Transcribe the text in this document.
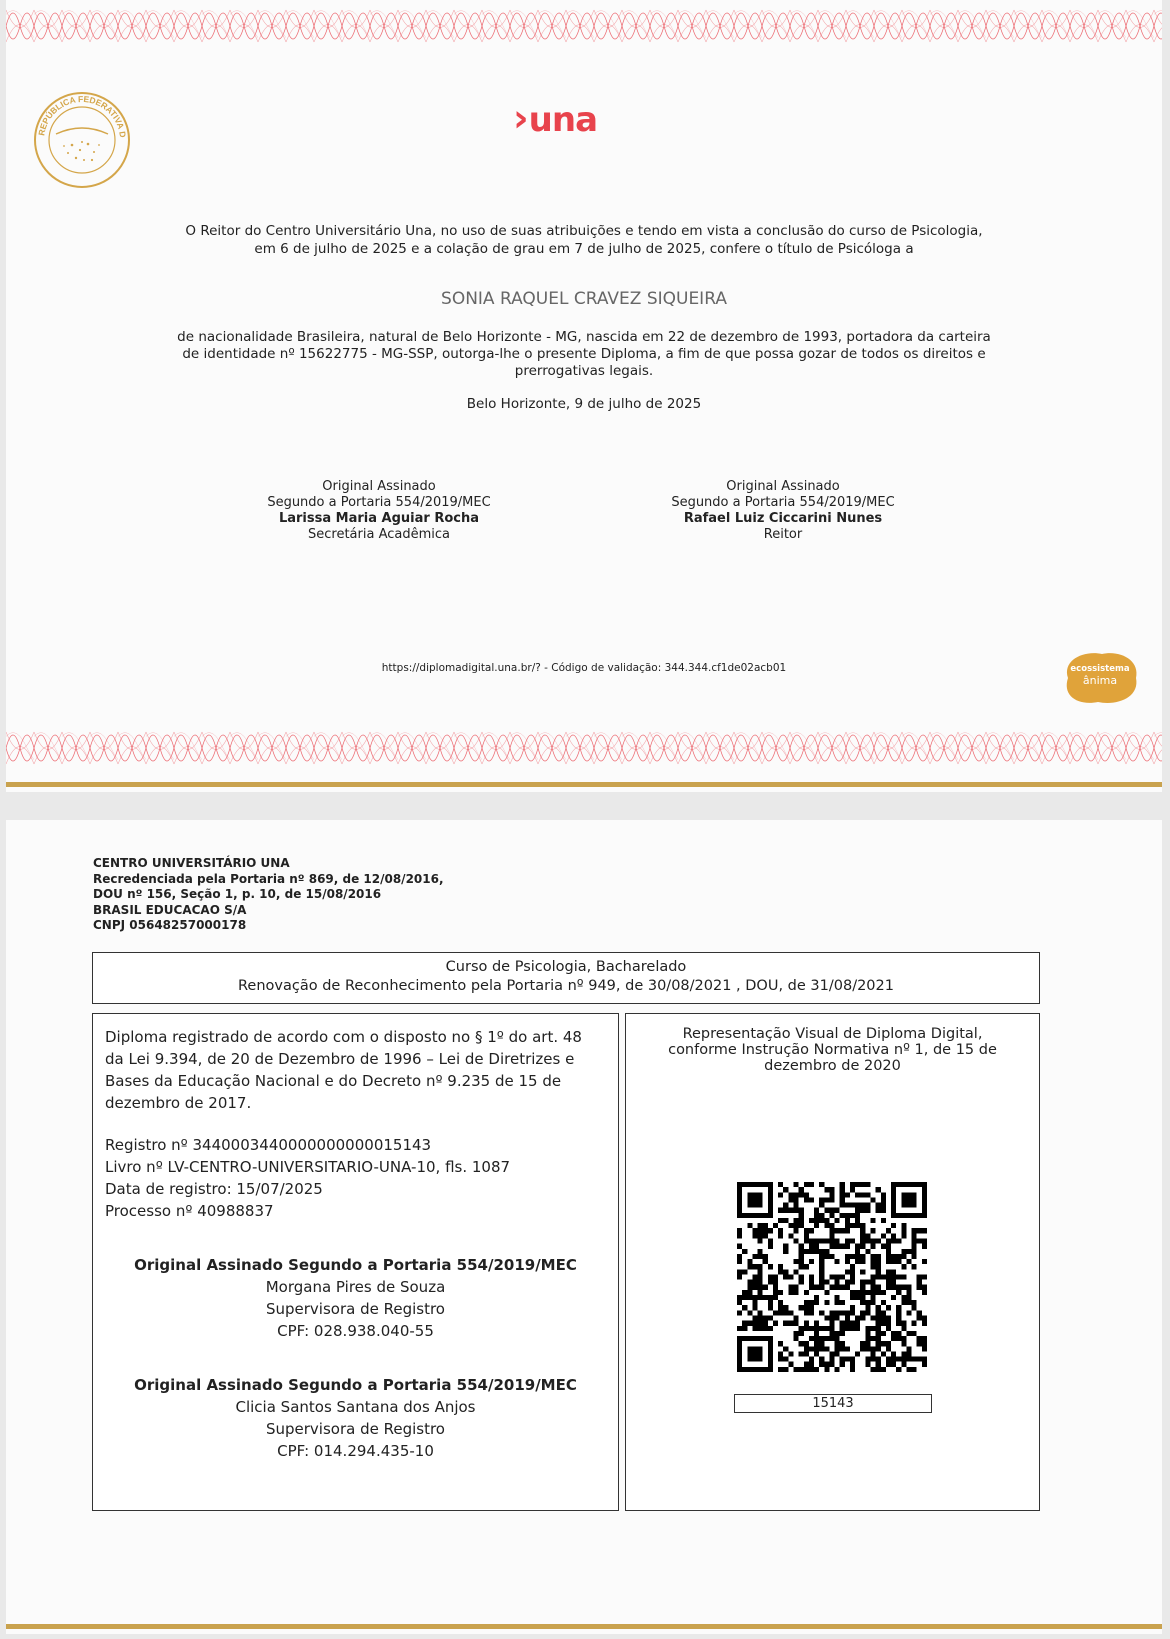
REPÚBLICA FEDERATIVA D	›una
O Reitor do Centro Universitário Una, no uso de suas atribuições e tendo em vista a conclusão do curso de Psicologia,
em 6 de julho de 2025 e a colação de grau em 7 de julho de 2025, confere o título de Psicóloga a
SONIA RAQUEL CRAVEZ SIQUEIRA
de nacionalidade Brasileira, natural de Belo Horizonte - MG, nascida em 22 de dezembro de 1993, portadora da carteira
de identidade nº 15622775 - MG-SSP, outorga-lhe o presente Diploma, a fim de que possa gozar de todos os direitos e
prerrogativas legais.
Belo Horizonte, 9 de julho de 2025
Original Assinado
Segundo a Portaria 554/2019/MEC
Larissa Maria Aguiar Rocha
Secretária Acadêmica
Original Assinado
Segundo a Portaria 554/2019/MEC
Rafael Luiz Ciccarini Nunes
Reitor
https://diplomadigital.una.br/? - Código de validação: 344.344.cf1de02acb01	ecossistema
ânima
CENTRO UNIVERSITÁRIO UNA
Recredenciada pela Portaria nº 869, de 12/08/2016,
DOU nº 156, Seção 1, p. 10, de 15/08/2016
BRASIL EDUCACAO S/A
CNPJ 05648257000178
Curso de Psicologia, Bacharelado
Renovação de Reconhecimento pela Portaria nº 949, de 30/08/2021 , DOU, de 31/08/2021
Diploma registrado de acordo com o disposto no § 1º do art. 48
da Lei 9.394, de 20 de Dezembro de 1996 – Lei de Diretrizes e
Bases da Educação Nacional e do Decreto nº 9.235 de 15 de
dezembro de 2017.
Registro nº 3440003440000000000015143
Livro nº LV-CENTRO-UNIVERSITARIO-UNA-10, fls. 1087
Data de registro: 15/07/2025
Processo nº 40988837
Original Assinado Segundo a Portaria 554/2019/MEC
Morgana Pires de Souza
Supervisora de Registro
CPF: 028.938.040-55
Original Assinado Segundo a Portaria 554/2019/MEC
Clicia Santos Santana dos Anjos
Supervisora de Registro
CPF: 014.294.435-10
Representação Visual de Diploma Digital,
conforme Instrução Normativa nº 1, de 15 de
dezembro de 2020
15143
